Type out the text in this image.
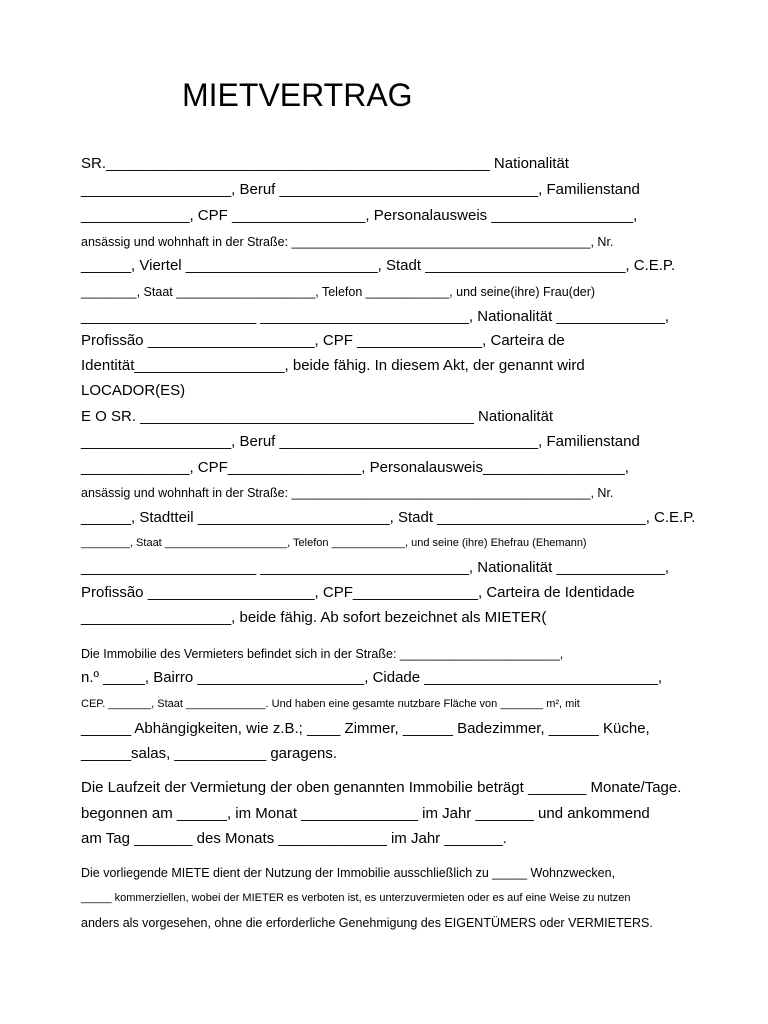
MIETVERTRAG
SR.______________________________________________ Nationalität
__________________, Beruf _______________________________, Familienstand
_____________, CPF ________________, Personalausweis _________________,
ansässig und wohnhaft in der Straße: ___________________________________________, Nr.
______, Viertel _______________________, Stadt ________________________, C.E.P.
________, Staat ____________________, Telefon ____________, und seine(ihre) Frau(der)
_____________________ _________________________, Nationalität _____________,
Profissão ____________________, CPF _______________, Carteira de
Identität__________________, beide fähig. In diesem Akt, der genannt wird
LOCADOR(ES)
E O SR. ________________________________________ Nationalität
__________________, Beruf _______________________________, Familienstand
_____________, CPF________________, Personalausweis_________________,
ansässig und wohnhaft in der Straße: ___________________________________________, Nr.
______, Stadtteil _______________________, Stadt _________________________, C.E.P.
________, Staat ____________________, Telefon ____________, und seine (ihre) Ehefrau (Ehemann)
_____________________ _________________________, Nationalität _____________,
Profissão ____________________, CPF_______________, Carteira de Identidade
__________________, beide fähig. Ab sofort bezeichnet als MIETER(
Die Immobilie des Vermieters befindet sich in der Straße: _______________________,
n.º _____, Bairro ____________________, Cidade ____________________________,
CEP. _______, Staat _____________. Und haben eine gesamte nutzbare Fläche von _______ m², mit
______ Abhängigkeiten, wie z.B.; ____ Zimmer, ______ Badezimmer, ______ Küche,
______salas, ___________ garagens.
Die Laufzeit der Vermietung der oben genannten Immobilie beträgt _______ Monate/Tage.
begonnen am ______, im Monat ______________ im Jahr _______ und ankommend
am Tag _______ des Monats _____________ im Jahr _______.
Die vorliegende MIETE dient der Nutzung der Immobilie ausschließlich zu _____ Wohnzwecken,
_____ kommerziellen, wobei der MIETER es verboten ist, es unterzuvermieten oder es auf eine Weise zu nutzen
anders als vorgesehen, ohne die erforderliche Genehmigung des EIGENTÜMERS oder VERMIETERS.
